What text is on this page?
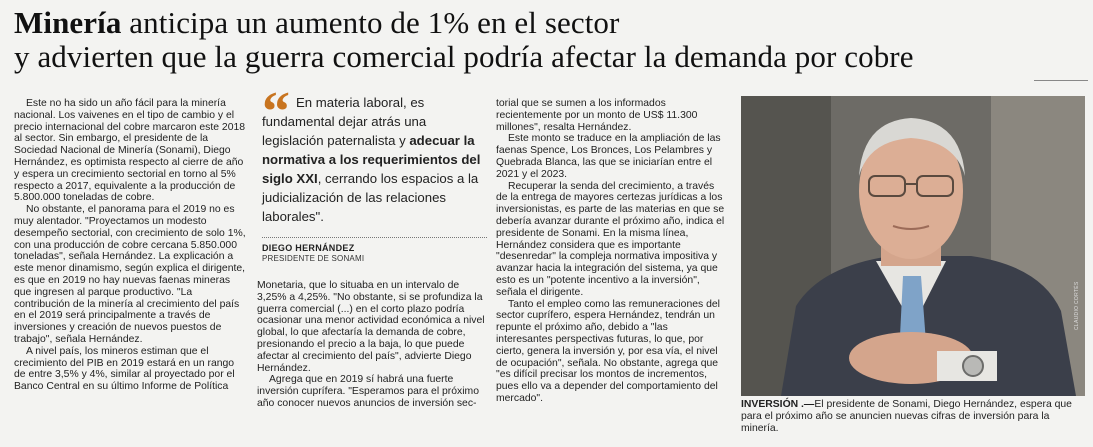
Minería anticipa un aumento de 1% en el sector
y advierten que la guerra comercial podría afectar la demanda por cobre

Este no ha sido un año fácil para la minería nacional. Los vaivenes en el tipo de cambio y el precio internacional del cobre marcaron este 2018 al sector. Sin embargo, el presidente de la Sociedad Nacional de Minería (Sonami), Diego Hernández, es optimista respecto al cierre de año y espera un crecimiento sectorial en torno al 5% respecto a 2017, equivalente a la producción de 5.800.000 toneladas de cobre.

No obstante, el panorama para el 2019 no es muy alentador. "Proyectamos un modesto desempeño sectorial, con crecimiento de solo 1%, con una producción de cobre cercana 5.850.000 toneladas", señala Hernández. La explicación a este menor dinamismo, según explica el dirigente, es que en 2019 no hay nuevas faenas mineras que ingresen al parque productivo. "La contribución de la minería al crecimiento del país en el 2019 será principalmente a través de inversiones y creación de nuevos puestos de trabajo", señala Hernández.

A nivel país, los mineros estiman que el crecimiento del PIB en 2019 estará en un rango de entre 3,5% y 4%, similar al proyectado por el Banco Central en su último Informe de Política

“ En materia laboral, es fundamental dejar atrás una legislación paternalista y adecuar la normativa a los requerimientos del siglo XXI, cerrando los espacios a la judicialización de las relaciones laborales".
DIEGO HERNÁNDEZ
PRESIDENTE DE SONAMI

Monetaria, que lo situaba en un intervalo de 3,25% a 4,25%. "No obstante, si se profundiza la guerra comercial (...) en el corto plazo podría ocasionar una menor actividad económica a nivel global, lo que afectaría la demanda de cobre, presionando el precio a la baja, lo que puede afectar al crecimiento del país", advierte Diego Hernández.

Agrega que en 2019 sí habrá una fuerte inversión cuprífera. "Esperamos para el próximo año conocer nuevos anuncios de inversión sec-

torial que se sumen a los informados recientemente por un monto de US$ 11.300 millones", resalta Hernández.

Este monto se traduce en la ampliación de las faenas Spence, Los Bronces, Los Pelambres y Quebrada Blanca, las que se iniciarían entre el 2021 y el 2023.

Recuperar la senda del crecimiento, a través de la entrega de mayores certezas jurídicas a los inversionistas, es parte de las materias en que se debería avanzar durante el próximo año, indica el presidente de Sonami. En la misma línea, Hernández considera que es importante "desenredar" la compleja normativa impositiva y avanzar hacia la integración del sistema, ya que esto es un "potente incentivo a la inversión", señala el dirigente.

Tanto el empleo como las remuneraciones del sector cuprífero, espera Hernández, tendrán un repunte el próximo año, debido a "las interesantes perspectivas futuras, lo que, por cierto, genera la inversión y, por esa vía, el nivel de ocupación", señala. No obstante, agrega que "es difícil precisar los montos de incrementos, pues ello va a depender del comportamiento del mercado".

CLAUDIO CORTÉS
INVERSIÓN .—El presidente de Sonami, Diego Hernández, espera que para el próximo año se anuncien nuevas cifras de inversión para la minería.
